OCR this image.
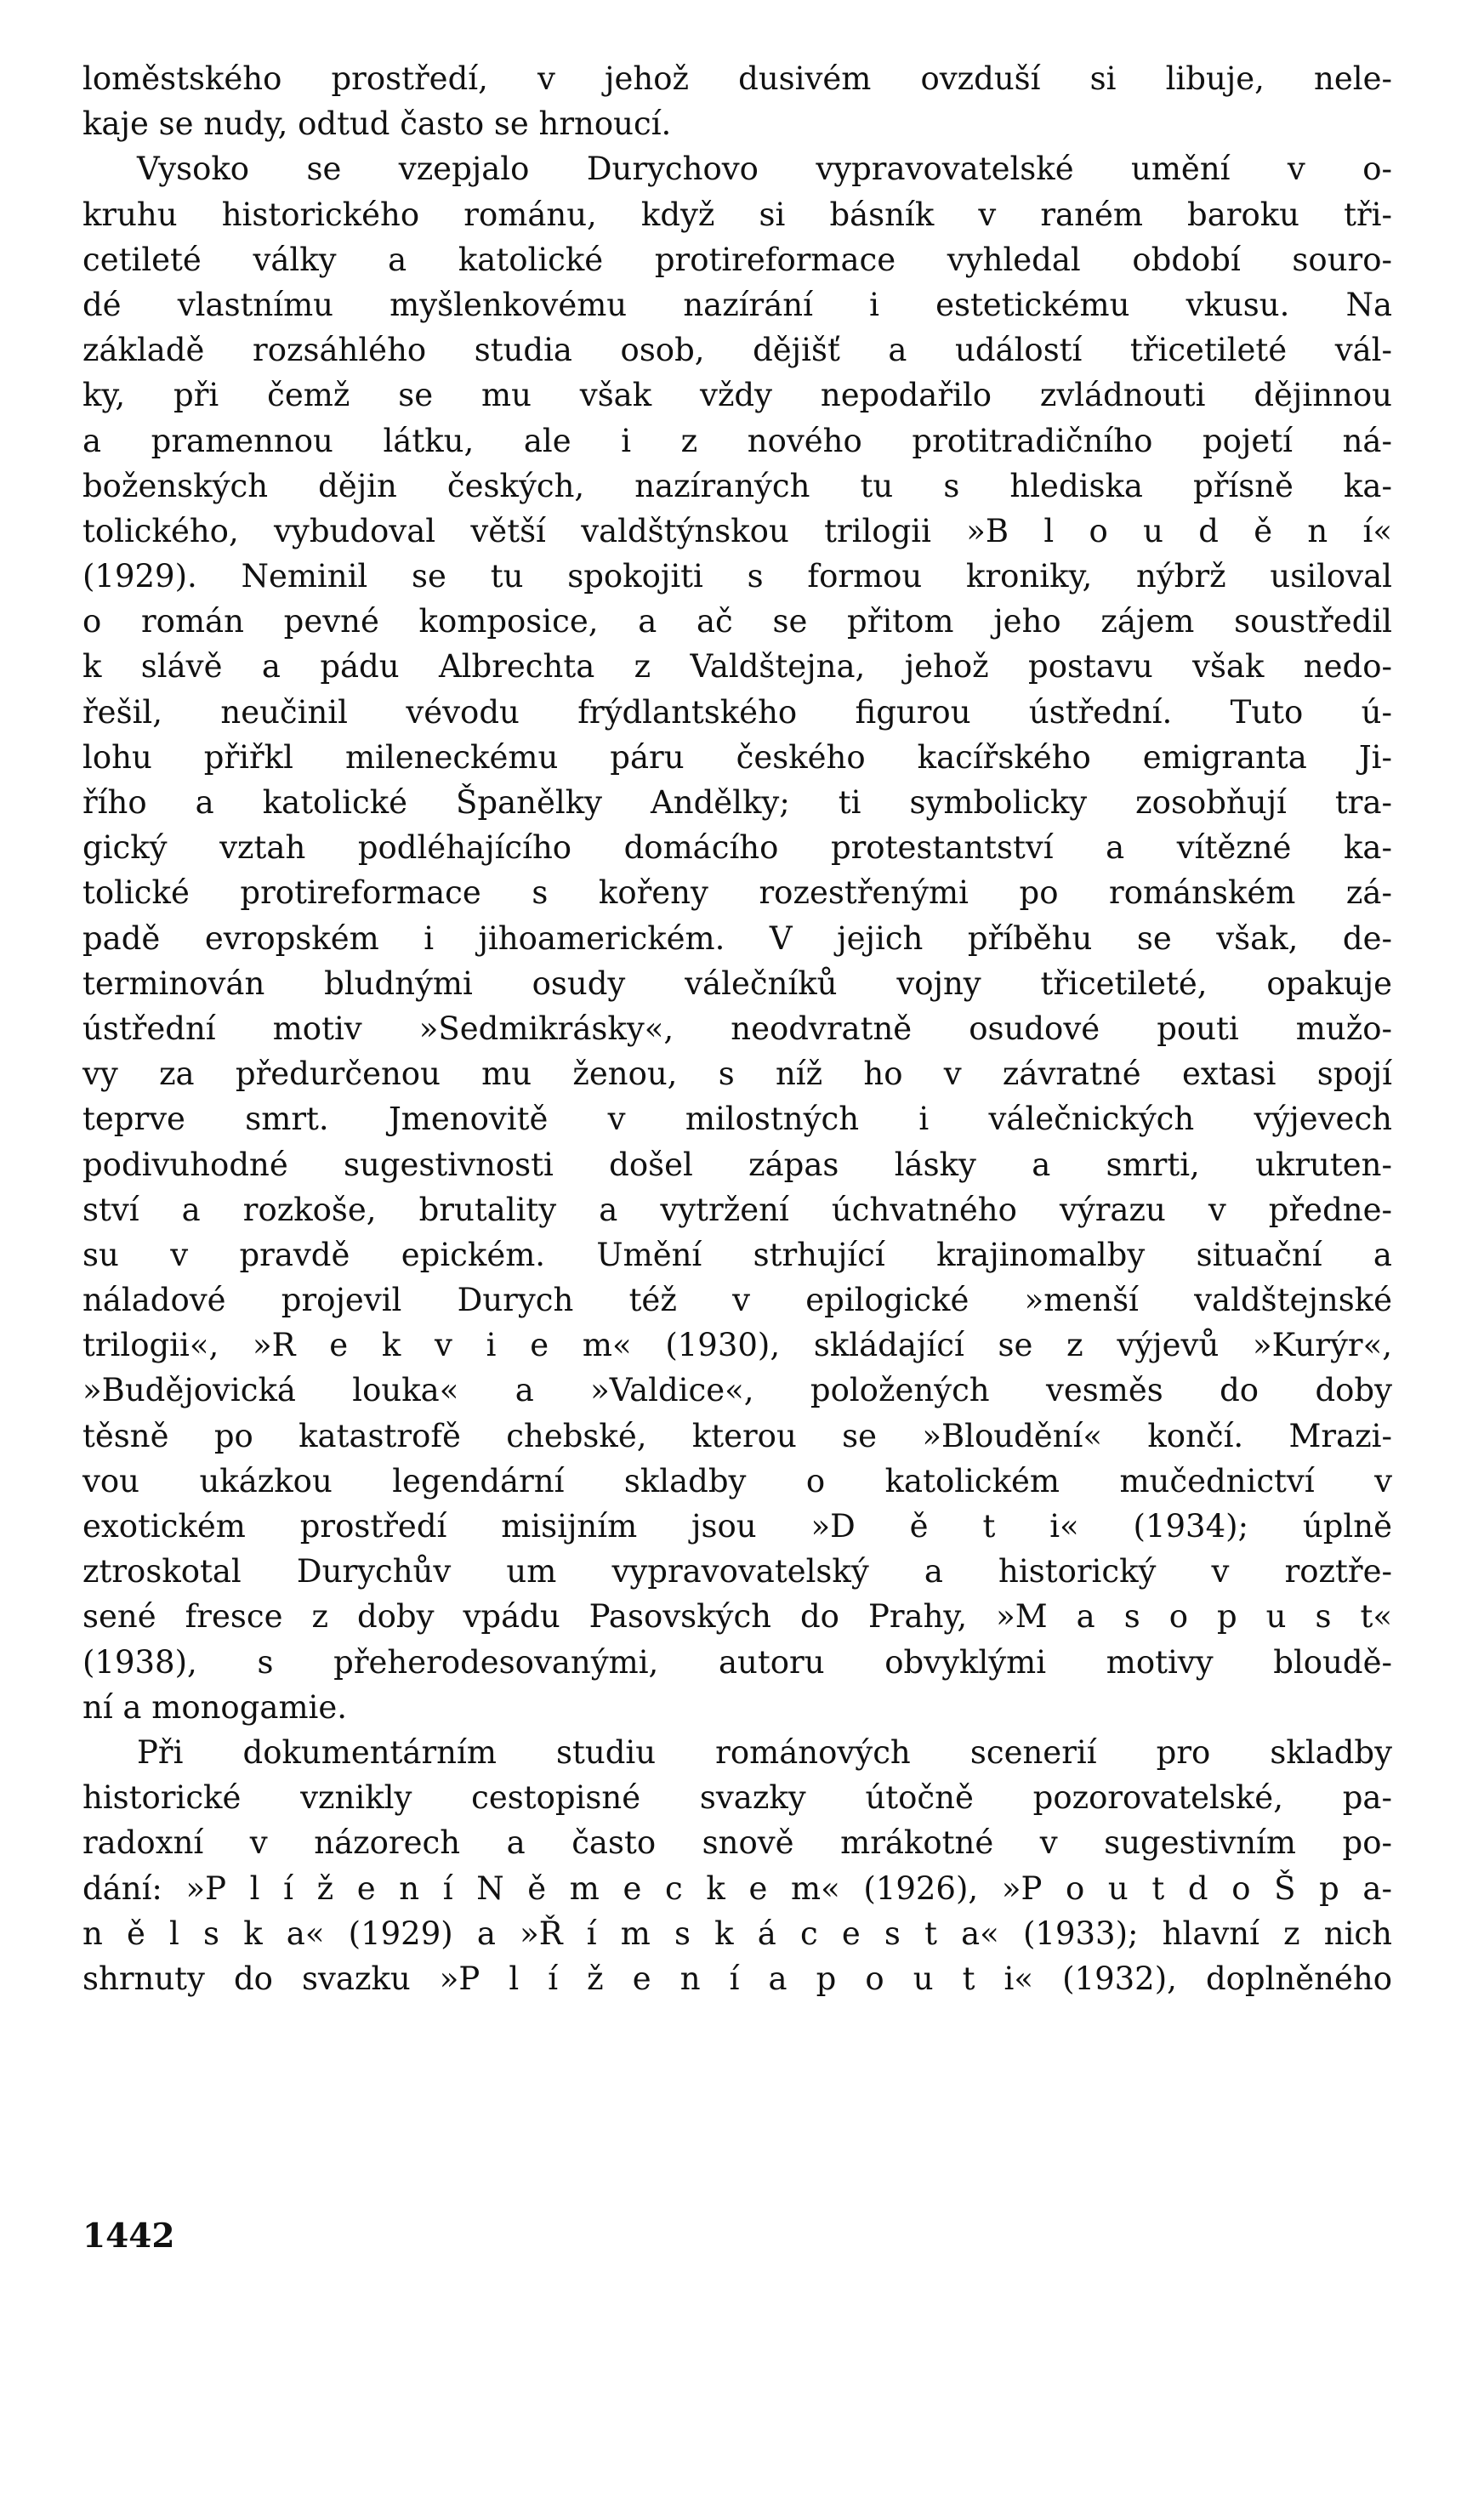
loměstského prostředí, v jehož dusivém ovzduší si libuje, nele-
kaje se nudy, odtud často se hrnoucí.
Vysoko se vzepjalo Durychovo vypravovatelské umění v o-
kruhu historického románu, když si básník v raném baroku tři-
cetileté války a katolické protireformace vyhledal období souro-
dé vlastnímu myšlenkovému nazírání i estetickému vkusu. Na
základě rozsáhlého studia osob, dějišť a událostí třicetileté vál-
ky, při čemž se mu však vždy nepodařilo zvládnouti dějinnou
a pramennou látku, ale i z nového protitradičního pojetí ná-
boženských dějin českých, nazíraných tu s hlediska přísně ka-
tolického, vybudoval větší valdštýnskou trilogii »B l o u d ě n í«
(1929). Neminil se tu spokojiti s formou kroniky, nýbrž usiloval
o román pevné komposice, a ač se přitom jeho zájem soustředil
k slávě a pádu Albrechta z Valdštejna, jehož postavu však nedo-
řešil, neučinil vévodu frýdlantského figurou ústřední. Tuto ú-
lohu přiřkl mileneckému páru českého kacířského emigranta Ji-
řího a katolické Španělky Andělky; ti symbolicky zosobňují tra-
gický vztah podléhajícího domácího protestantství a vítězné ka-
tolické protireformace s kořeny rozestřenými po románském zá-
padě evropském i jihoamerickém. V jejich příběhu se však, de-
terminován bludnými osudy válečníků vojny třicetileté, opakuje
ústřední motiv »Sedmikrásky«, neodvratně osudové pouti mužo-
vy za předurčenou mu ženou, s níž ho v závratné extasi spojí
teprve smrt. Jmenovitě v milostných i válečnických výjevech
podivuhodné sugestivnosti došel zápas lásky a smrti, ukruten-
ství a rozkoše, brutality a vytržení úchvatného výrazu v předne-
su v pravdě epickém. Umění strhující krajinomalby situační a
náladové projevil Durych též v epilogické »menší valdštejnské
trilogii«, »R e k v i e m« (1930), skládající se z výjevů »Kurýr«,
»Budějovická louka« a »Valdice«, položených vesměs do doby
těsně po katastrofě chebské, kterou se »Bloudění« končí. Mrazi-
vou ukázkou legendární skladby o katolickém mučednictví v
exotickém prostředí misijním jsou »D ě t i« (1934); úplně
ztroskotal Durychův um vypravovatelský a historický v roztře-
sené fresce z doby vpádu Pasovských do Prahy, »M a s o p u s t«
(1938), s přeherodesovanými, autoru obvyklými motivy bloudě-
ní a monogamie.
Při dokumentárním studiu románových scenerií pro skladby
historické vznikly cestopisné svazky útočně pozorovatelské, pa-
radoxní v názorech a často snově mrákotné v sugestivním po-
dání: »P l í ž e n í N ě m e c k e m« (1926), »P o u t d o Š p a-
n ě l s k a« (1929) a »Ř í m s k á c e s t a« (1933); hlavní z nich
shrnuty do svazku »P l í ž e n í a p o u t i« (1932), doplněného
1442
